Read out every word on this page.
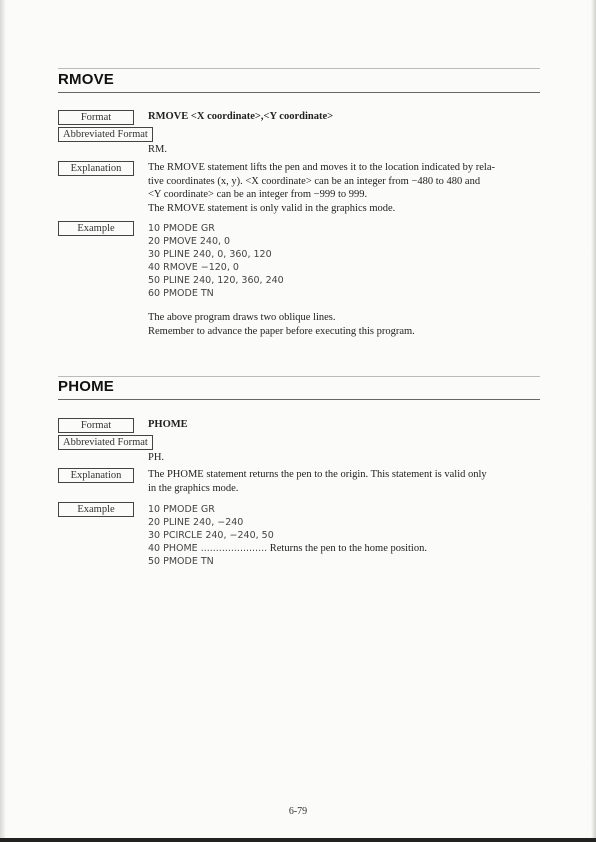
RMOVE
Format	RMOVE <X coordinate>,<Y coordinate>
Abbreviated Format
RM.
Explanation	The RMOVE statement lifts the pen and moves it to the location indicated by rela-
tive coordinates (x, y). <X coordinate> can be an integer from −480 to 480 and
<Y coordinate> can be an integer from −999 to 999.
The RMOVE statement is only valid in the graphics mode.
Example	10 PMODE GR
20 PMOVE 240, 0
30 PLINE 240, 0, 360, 120
40 RMOVE −120, 0
50 PLINE 240, 120, 360, 240
60 PMODE TN
The above program draws two oblique lines.
Remember to advance the paper before executing this program.
PHOME
Format	PHOME
Abbreviated Format
PH.
Explanation	The PHOME statement returns the pen to the origin. This statement is valid only
in the graphics mode.
Example	10 PMODE GR
20 PLINE 240, −240
30 PCIRCLE 240, −240, 50
40 PHOME ...................... Returns the pen to the home position.
50 PMODE TN
6-79
